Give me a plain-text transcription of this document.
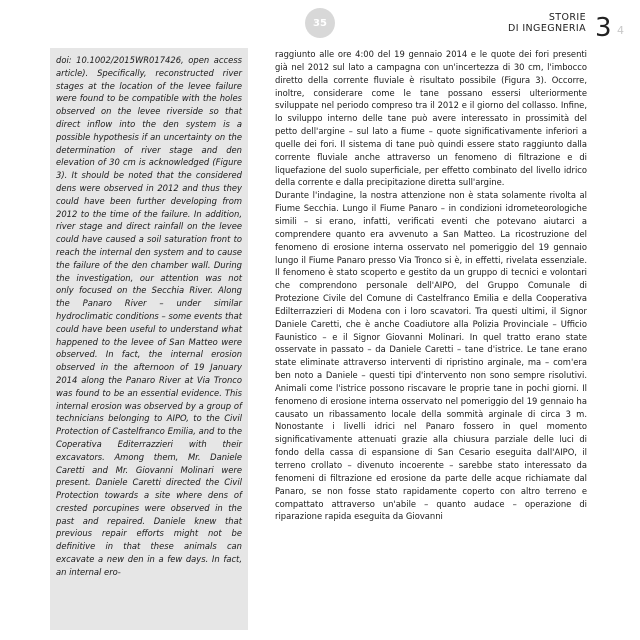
35	STORIE
DI INGEGNERIA 3 4

doi: 10.1002/2015WR017426, open access article). Specifically, reconstructed river stages at the location of the levee failure were found to be compatible with the holes observed on the levee riverside so that direct inflow into the den system is a possible hypothesis if an uncertainty on the determination of river stage and den elevation of 30 cm is acknowledged (Figure 3). It should be noted that the considered dens were observed in 2012 and thus they could have been further developing from 2012 to the time of the failure. In addition, river stage and direct rainfall on the levee could have caused a soil saturation front to reach the internal den system and to cause the failure of the den chamber wall. During the investigation, our attention was not only focused on the Secchia River. Along the Panaro River – under similar hydroclimatic conditions – some events that could have been useful to understand what happened to the levee of San Matteo were observed. In fact, the internal erosion observed in the afternoon of 19 January 2014 along the Panaro River at Via Tronco was found to be an essential evidence. This internal erosion was observed by a group of technicians belonging to AIPO, to the Civil Protection of Castelfranco Emilia, and to the Coperativa Editerrazzieri with their excavators. Among them, Mr. Daniele Caretti and Mr. Giovanni Molinari were present. Daniele Caretti directed the Civil Protection towards a site where dens of crested porcupines were observed in the past and repaired. Daniele knew that previous repair efforts might not be definitive in that these animals can excavate a new den in a few days. In fact, an internal ero-

raggiunto alle ore 4:00 del 19 gennaio 2014 e le quote dei fori presenti già nel 2012 sul lato a campagna con un'incertezza di 30 cm, l'imbocco diretto della corrente fluviale è risultato possibile (Figura 3). Occorre, inoltre, considerare come le tane possano essersi ulteriormente sviluppate nel periodo compreso tra il 2012 e il giorno del collasso. Infine, lo sviluppo interno delle tane può avere interessato in prossimità del petto dell'argine – sul lato a fiume – quote significativamente inferiori a quelle dei fori. Il sistema di tane può quindi essere stato raggiunto dalla corrente fluviale anche attraverso un fenomeno di filtrazione e di liquefazione del suolo superficiale, per effetto combinato del livello idrico della corrente e dalla precipitazione diretta sull'argine.

Durante l'indagine, la nostra attenzione non è stata solamente rivolta al Fiume Secchia. Lungo il Fiume Panaro – in condizioni idrometeorologiche simili – si erano, infatti, verificati eventi che potevano aiutarci a comprendere quanto era avvenuto a San Matteo. La ricostruzione del fenomeno di erosione interna osservato nel pomeriggio del 19 gennaio lungo il Fiume Panaro presso Via Tronco si è, in effetti, rivelata essenziale. Il fenomeno è stato scoperto e gestito da un gruppo di tecnici e volontari che comprendono personale dell'AIPO, del Gruppo Comunale di Protezione Civile del Comune di Castelfranco Emilia e della Cooperativa Edilterrazzieri di Modena con i loro scavatori. Tra questi ultimi, il Signor Daniele Caretti, che è anche Coadiutore alla Polizia Provinciale – Ufficio Faunistico – e il Signor Giovanni Molinari. In quel tratto erano state osservate in passato – da Daniele Caretti – tane d'istrice. Le tane erano state eliminate attraverso interventi di ripristino arginale, ma – com'era ben noto a Daniele – questi tipi d'intervento non sono sempre risolutivi. Animali come l'istrice possono riscavare le proprie tane in pochi giorni. Il fenomeno di erosione interna osservato nel pomeriggio del 19 gennaio ha causato un ribassamento locale della sommità arginale di circa 3 m. Nonostante i livelli idrici nel Panaro fossero in quel momento significativamente attenuati grazie alla chiusura parziale delle luci di fondo della cassa di espansione di San Cesario eseguita dall'AIPO, il terreno crollato – divenuto incoerente – sarebbe stato interessato da fenomeni di filtrazione ed erosione da parte delle acque richiamate dal Panaro, se non fosse stato rapidamente coperto con altro terreno e compattato attraverso un'abile – quanto audace – operazione di riparazione rapida eseguita da Giovanni
